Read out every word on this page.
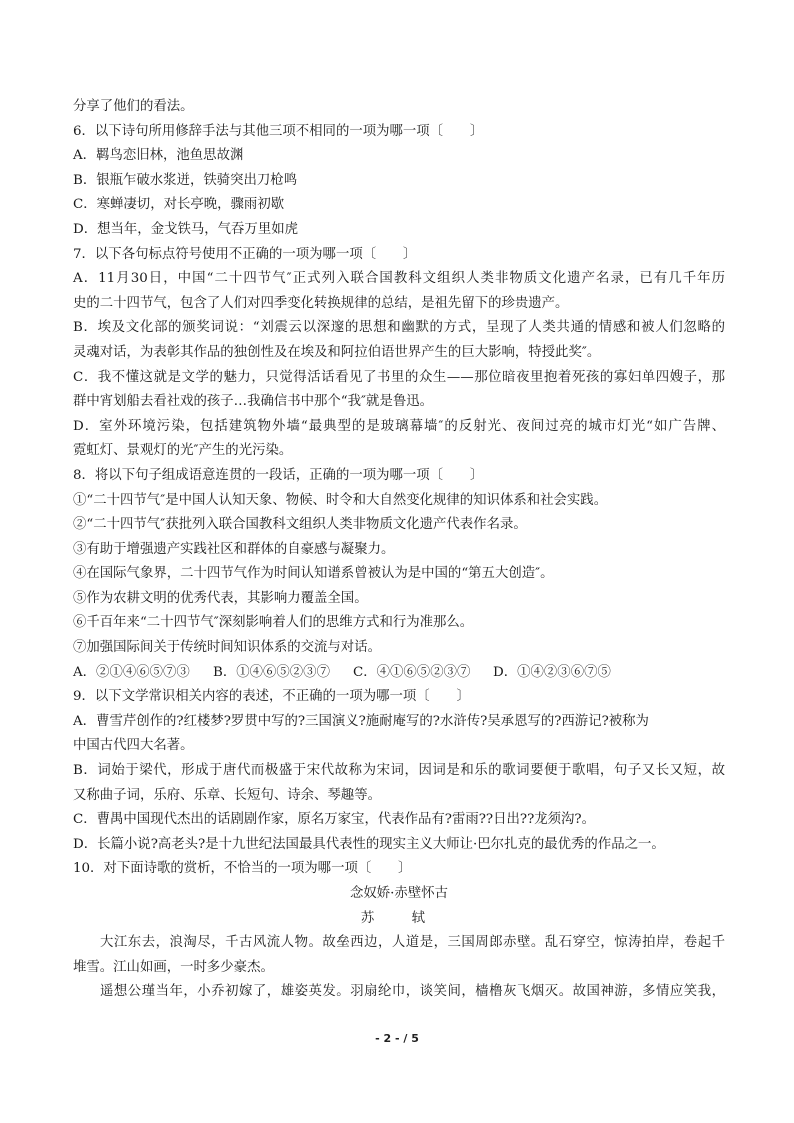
分享了他们的看法。
6．以下诗句所用修辞手法与其他三项不相同的一项为哪一项〔　　〕
A．羁鸟恋旧林，池鱼思故渊
B．银瓶乍破水浆迸，铁骑突出刀枪鸣
C．寒蝉凄切，对长亭晚，骤雨初歇
D．想当年，金戈铁马，气吞万里如虎
7．以下各句标点符号使用不正确的一项为哪一项〔　　〕
A．11月30日，中国“二十四节气″正式列入联合国教科文组织人类非物质文化遗产名录，已有几千年历
史的二十四节气，包含了人们对四季变化转换规律的总结，是祖先留下的珍贵遗产。
B．埃及文化部的颁奖词说：“刘震云以深邃的思想和幽默的方式，呈现了人类共通的情感和被人们忽略的
灵魂对话，为表彰其作品的独创性及在埃及和阿拉伯语世界产生的巨大影响，特授此奖″。
C．我不懂这就是文学的魅力，只觉得活话看见了书里的众生——那位暗夜里抱着死孩的寡妇单四嫂子，那
群中宵划船去看社戏的孩子…我确信书中那个“我″就是鲁迅。
D．室外环境污染，包括建筑物外墙“最典型的是玻璃幕墙″的反射光、夜间过亮的城市灯光“如广告牌、
霓虹灯、景观灯的光″产生的光污染。
8．将以下句子组成语意连贯的一段话，正确的一项为哪一项〔　　〕
①“二十四节气″是中国人认知天象、物候、时令和大自然变化规律的知识体系和社会实践。
②“二十四节气″获批列入联合国教科文组织人类非物质文化遗产代表作名录。
③有助于增强遗产实践社区和群体的自豪感与凝聚力。
④在国际气象界，二十四节气作为时间认知谱系曾被认为是中国的“第五大创造″。
⑤作为农耕文明的优秀代表，其影响力覆盖全国。
⑥千百年来“二十四节气″深刻影响着人们的思维方式和行为准那么。
⑦加强国际间关于传统时间知识体系的交流与对话。
A．②①④⑥⑤⑦③ B．①④⑥⑤②③⑦ C．④①⑥⑤②③⑦ D．①④②③⑥⑦⑤
9．以下文学常识相关内容的表述，不正确的一项为哪一项〔　　〕
A．曹雪芹创作的?红楼梦?罗贯中写的?三国演义?施耐庵写的?水浒传?吴承恩写的?西游记?被称为
中国古代四大名著。
B．词始于梁代，形成于唐代而极盛于宋代故称为宋词，因词是和乐的歌词要便于歌唱，句子又长又短，故
又称曲子词，乐府、乐章、长短句、诗余、琴趣等。
C．曹禺中国现代杰出的话剧剧作家，原名万家宝，代表作品有?雷雨??日出??龙须沟?。
D．长篇小说?高老头?是十九世纪法国最具代表性的现实主义大师让·巴尔扎克的最优秀的作品之一。
10．对下面诗歌的赏析，不恰当的一项为哪一项〔　　〕
念奴娇·赤壁怀古
苏　轼
大江东去，浪淘尽，千古风流人物。故垒西边，人道是，三国周郎赤壁。乱石穿空，惊涛拍岸，卷起千
堆雪。江山如画，一时多少豪杰。
遥想公瑾当年，小乔初嫁了，雄姿英发。羽扇纶巾，谈笑间，樯橹灰飞烟灭。故国神游，多情应笑我，
- 2 - / 5
